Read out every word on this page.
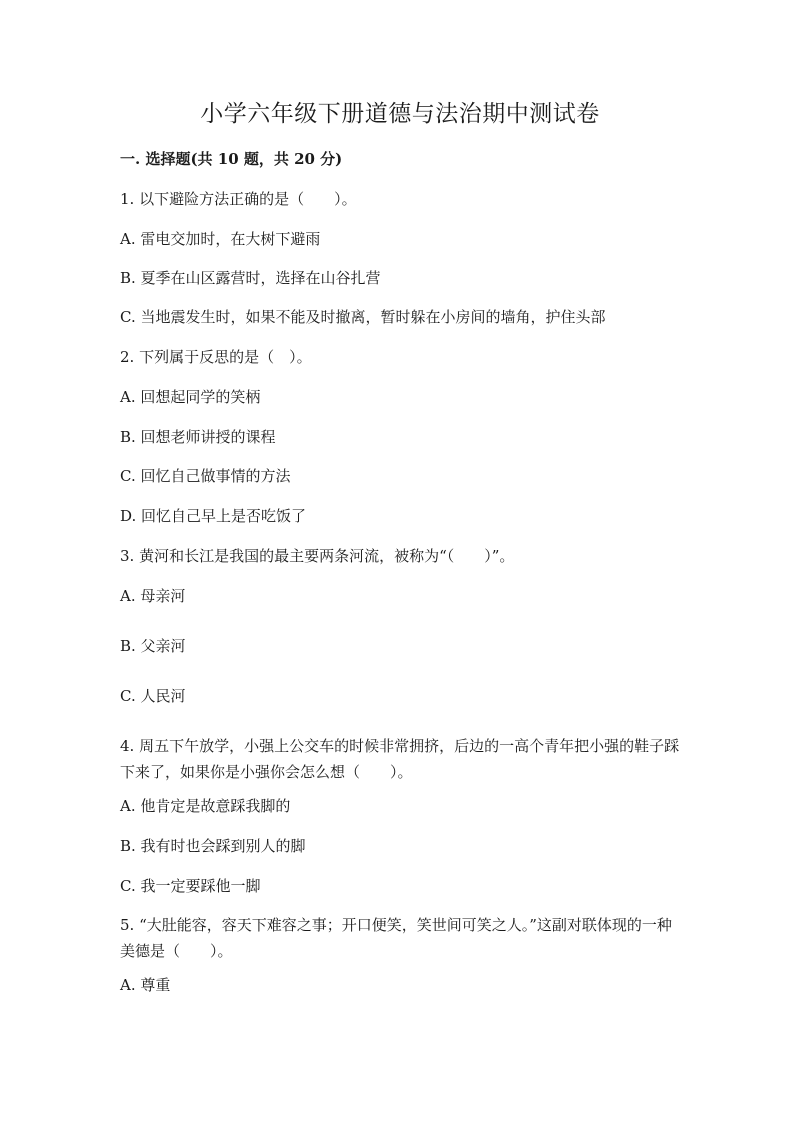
小学六年级下册道德与法治期中测试卷
一. 选择题(共 10 题，共 20 分)
1. 以下避险方法正确的是（　　）。
A. 雷电交加时，在大树下避雨
B. 夏季在山区露营时，选择在山谷扎营
C. 当地震发生时，如果不能及时撤离，暂时躲在小房间的墙角，护住头部
2. 下列属于反思的是（　）。
A. 回想起同学的笑柄
B. 回想老师讲授的课程
C. 回忆自己做事情的方法
D. 回忆自己早上是否吃饭了
3. 黄河和长江是我国的最主要两条河流，被称为“（　　）”。
A. 母亲河
B. 父亲河
C. 人民河
4. 周五下午放学，小强上公交车的时候非常拥挤，后边的一高个青年把小强的鞋子踩下来了，如果你是小强你会怎么想（　　）。
A. 他肯定是故意踩我脚的
B. 我有时也会踩到别人的脚
C. 我一定要踩他一脚
5. “大肚能容，容天下难容之事；开口便笑，笑世间可笑之人。”这副对联体现的一种美德是（　　）。
A. 尊重
